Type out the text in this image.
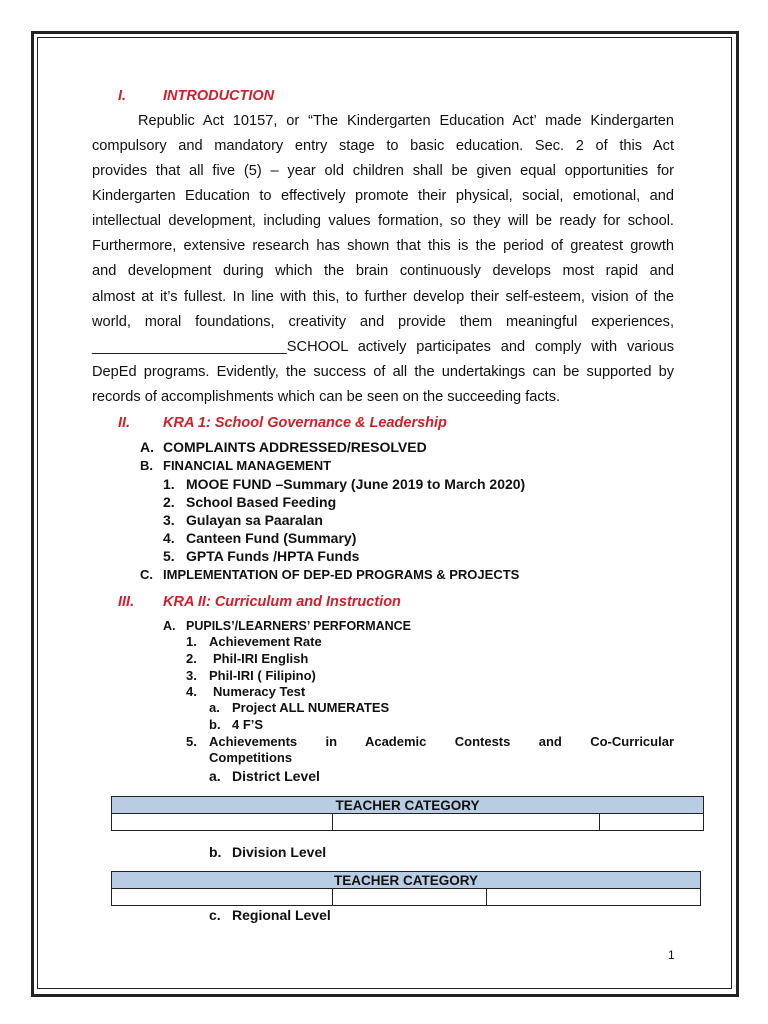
I.	INTRODUCTION
Republic Act 10157, or “The Kindergarten Education Act’ made Kindergarten
compulsory and mandatory entry stage to basic education. Sec. 2 of this Act
provides that all five (5) – year old children shall be given equal opportunities for
Kindergarten Education to effectively promote their physical, social, emotional, and
intellectual development, including values formation, so they will be ready for school.
Furthermore, extensive research has shown that this is the period of greatest growth
and development during which the brain continuously develops most rapid and
almost at it’s fullest. In line with this, to further develop their self-esteem, vision of the
world, moral foundations, creativity and provide them meaningful experiences,
________________________SCHOOL actively participates and comply with various
DepEd programs. Evidently, the success of all the undertakings can be supported by
records of accomplishments which can be seen on the succeeding facts.
II. KRA 1: School Governance & Leadership
A. COMPLAINTS ADDRESSED/RESOLVED
B. FINANCIAL MANAGEMENT
1. MOOE FUND –Summary (June 2019 to March 2020)
2. School Based Feeding
3. Gulayan sa Paaralan
4. Canteen Fund (Summary)
5. GPTA Funds /HPTA Funds
C. IMPLEMENTATION OF DEP-ED PROGRAMS & PROJECTS
III. KRA II: Curriculum and Instruction
A. PUPILS’/LEARNERS’ PERFORMANCE
1. Achievement Rate
2. Phil-IRI English
3. Phil-IRI ( Filipino)
4. Numeracy Test
a. Project ALL NUMERATES
b. 4 F’S
5. Achievements in Academic Contests and Co-Curricular
Competitions
a. District Level
TEACHER CATEGORY

b. Division Level
TEACHER CATEGORY

c. Regional Level
1
